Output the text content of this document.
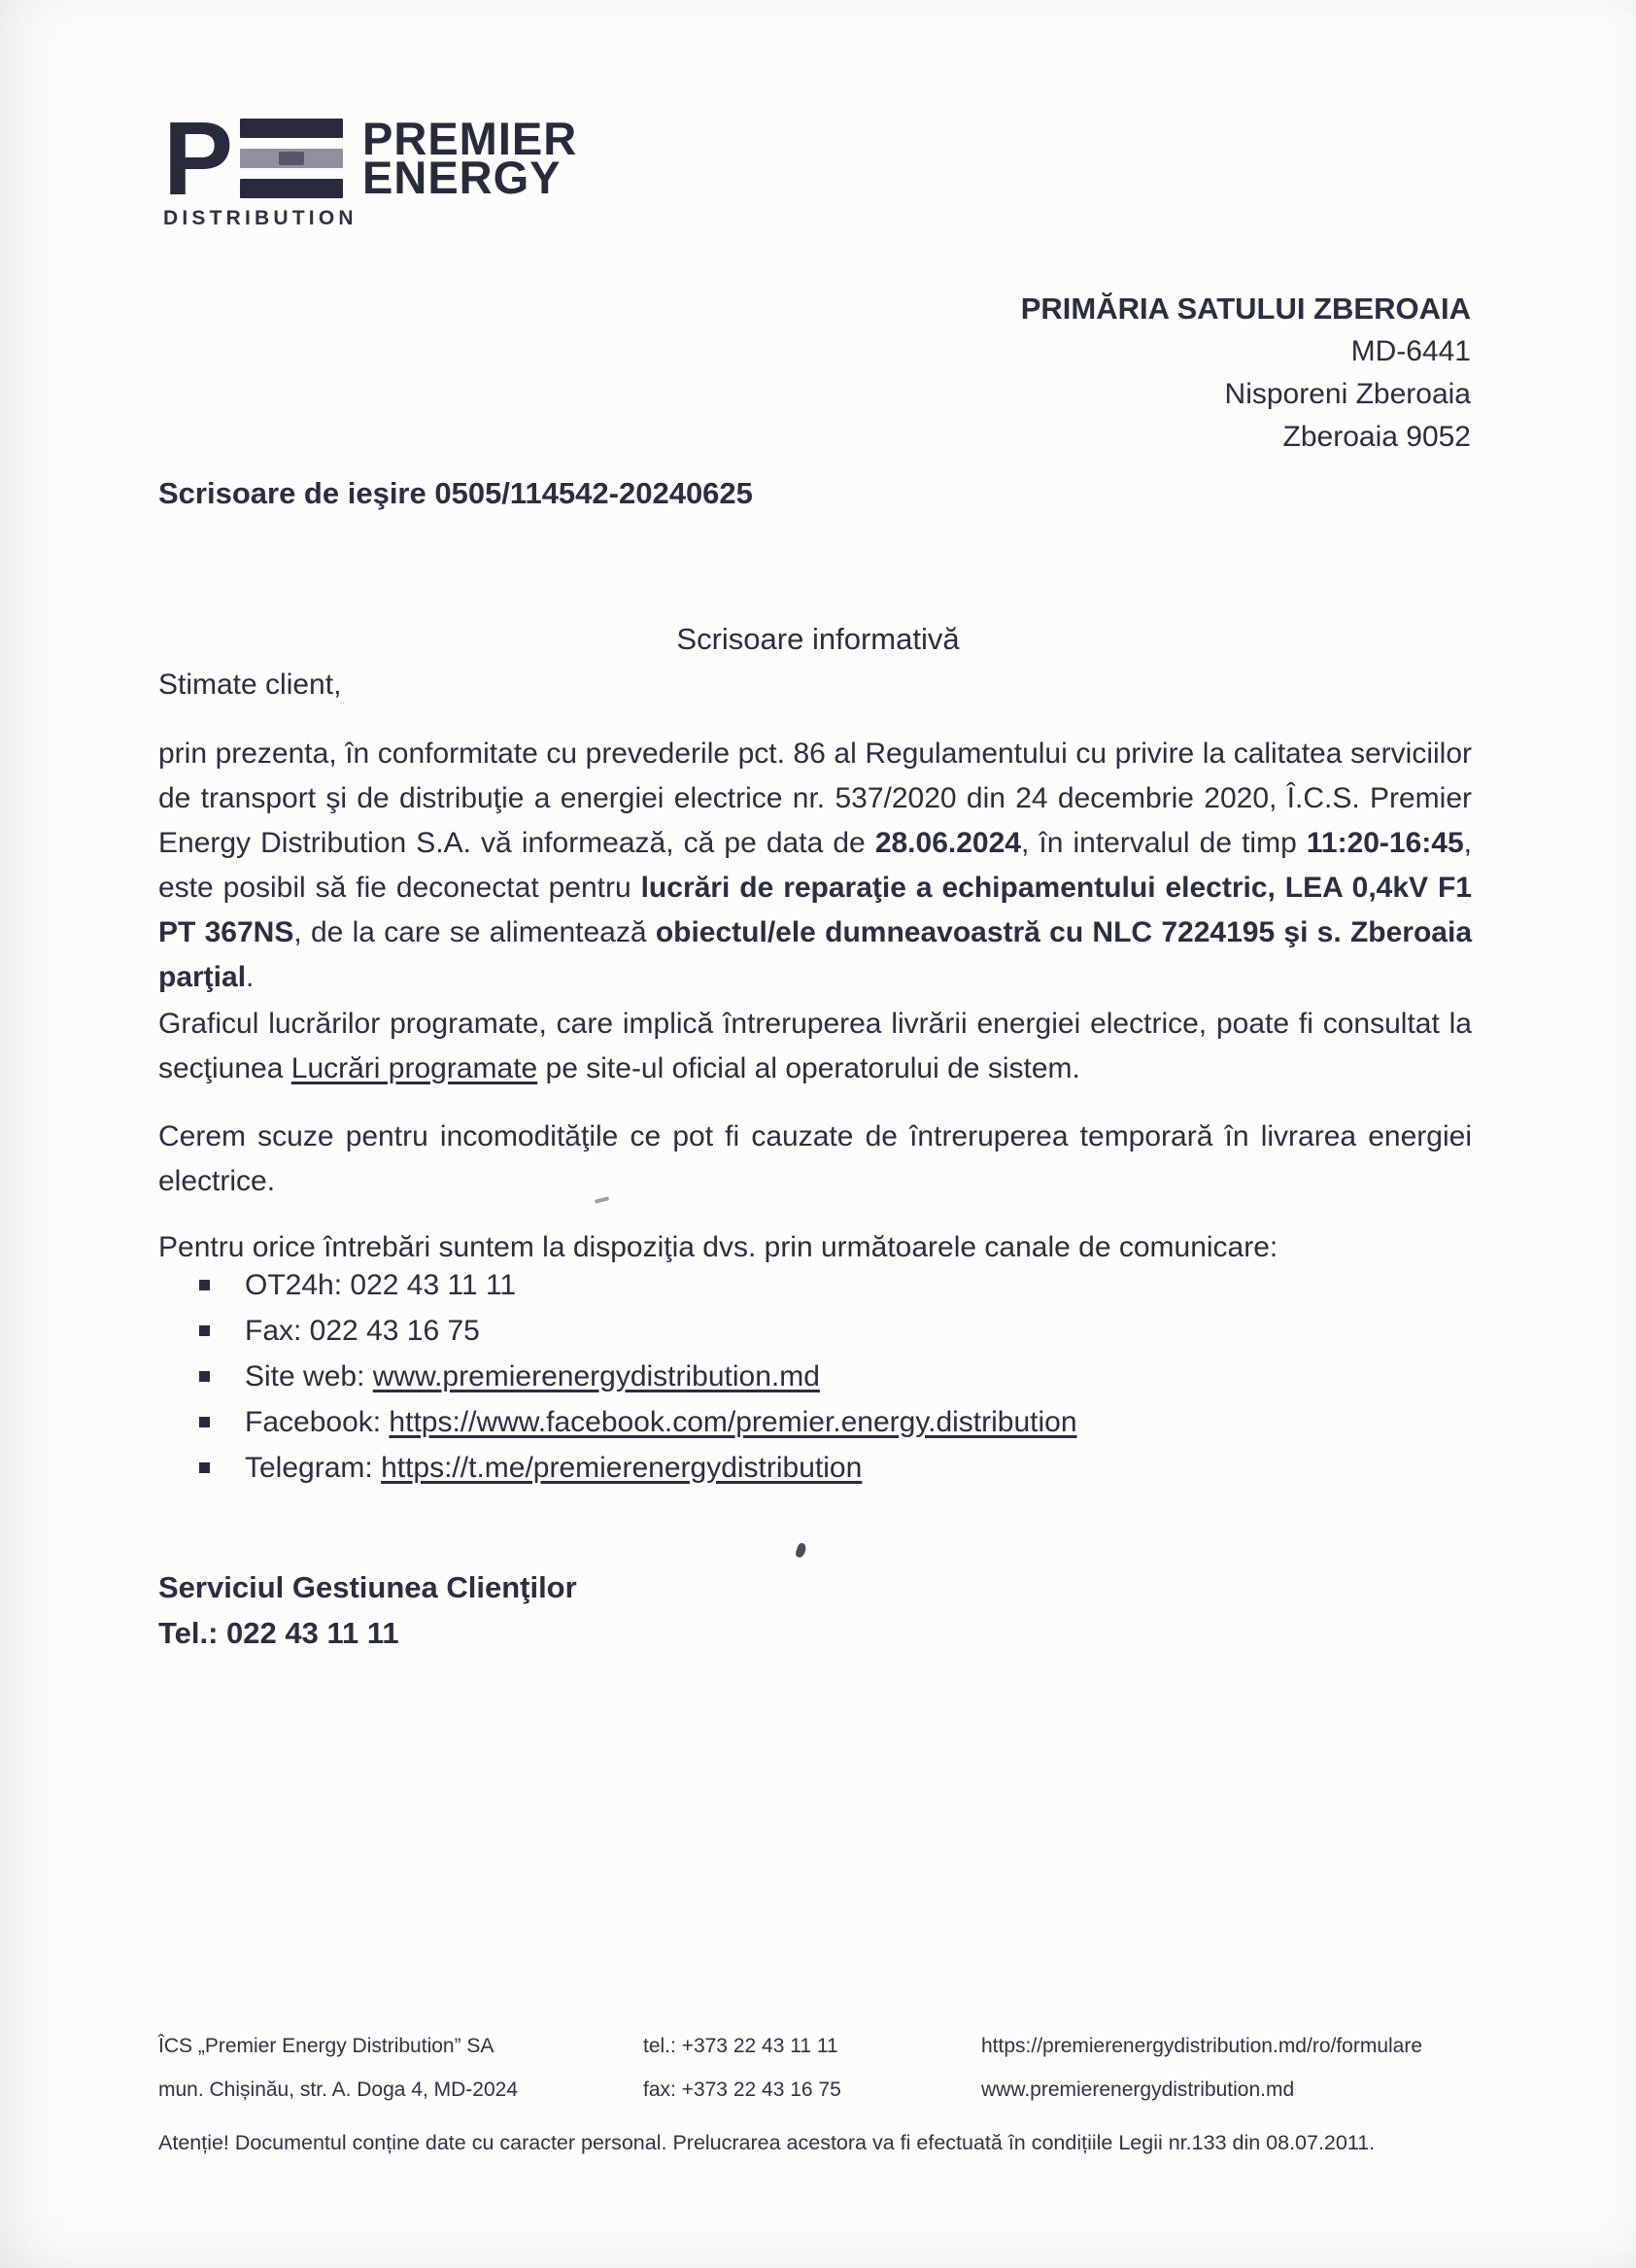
P	PREMIER
ENERGY
DISTRIBUTION
PRIMĂRIA SATULUI ZBEROAIA
MD-6441
Nisporeni Zberoaia
Zberoaia 9052
Scrisoare de ieşire 0505/114542-20240625
Scrisoare informativă
Stimate client,
prin prezenta, în conformitate cu prevederile pct. 86 al Regulamentului cu privire la calitatea serviciilor de transport şi de distribuţie a energiei electrice nr. 537/2020 din 24 decembrie 2020, Î.C.S. Premier Energy Distribution S.A. vă informează, că pe data de 28.06.2024, în intervalul de timp 11:20-16:45, este posibil să fie deconectat pentru lucrări de reparaţie a echipamentului electric, LEA 0,4kV F1 PT 367NS, de la care se alimentează obiectul/ele dumneavoastră cu NLC 7224195 şi s. Zberoaia parţial.
Graficul lucrărilor programate, care implică întreruperea livrării energiei electrice, poate fi consultat la secţiunea Lucrări programate pe site-ul oficial al operatorului de sistem.
Cerem scuze pentru incomodităţile ce pot fi cauzate de întreruperea temporară în livrarea energiei electrice.
Pentru orice întrebări suntem la dispoziţia dvs. prin următoarele canale de comunicare:
OT24h: 022 43 11 11
Fax: 022 43 16 75
Site web: www.premierenergydistribution.md
Facebook: https://www.facebook.com/premier.energy.distribution
Telegram: https://t.me/premierenergydistribution
Serviciul Gestiunea Clienţilor
Tel.: 022 43 11 11
ÎCS „Premier Energy Distribution” SA
mun. Chișinău, str. A. Doga 4, MD-2024
tel.: +373 22 43 11 11
fax: +373 22 43 16 75
https://premierenergydistribution.md/ro/formulare
www.premierenergydistribution.md
Atenție! Documentul conține date cu caracter personal. Prelucrarea acestora va fi efectuată în condițiile Legii nr.133 din 08.07.2011.
